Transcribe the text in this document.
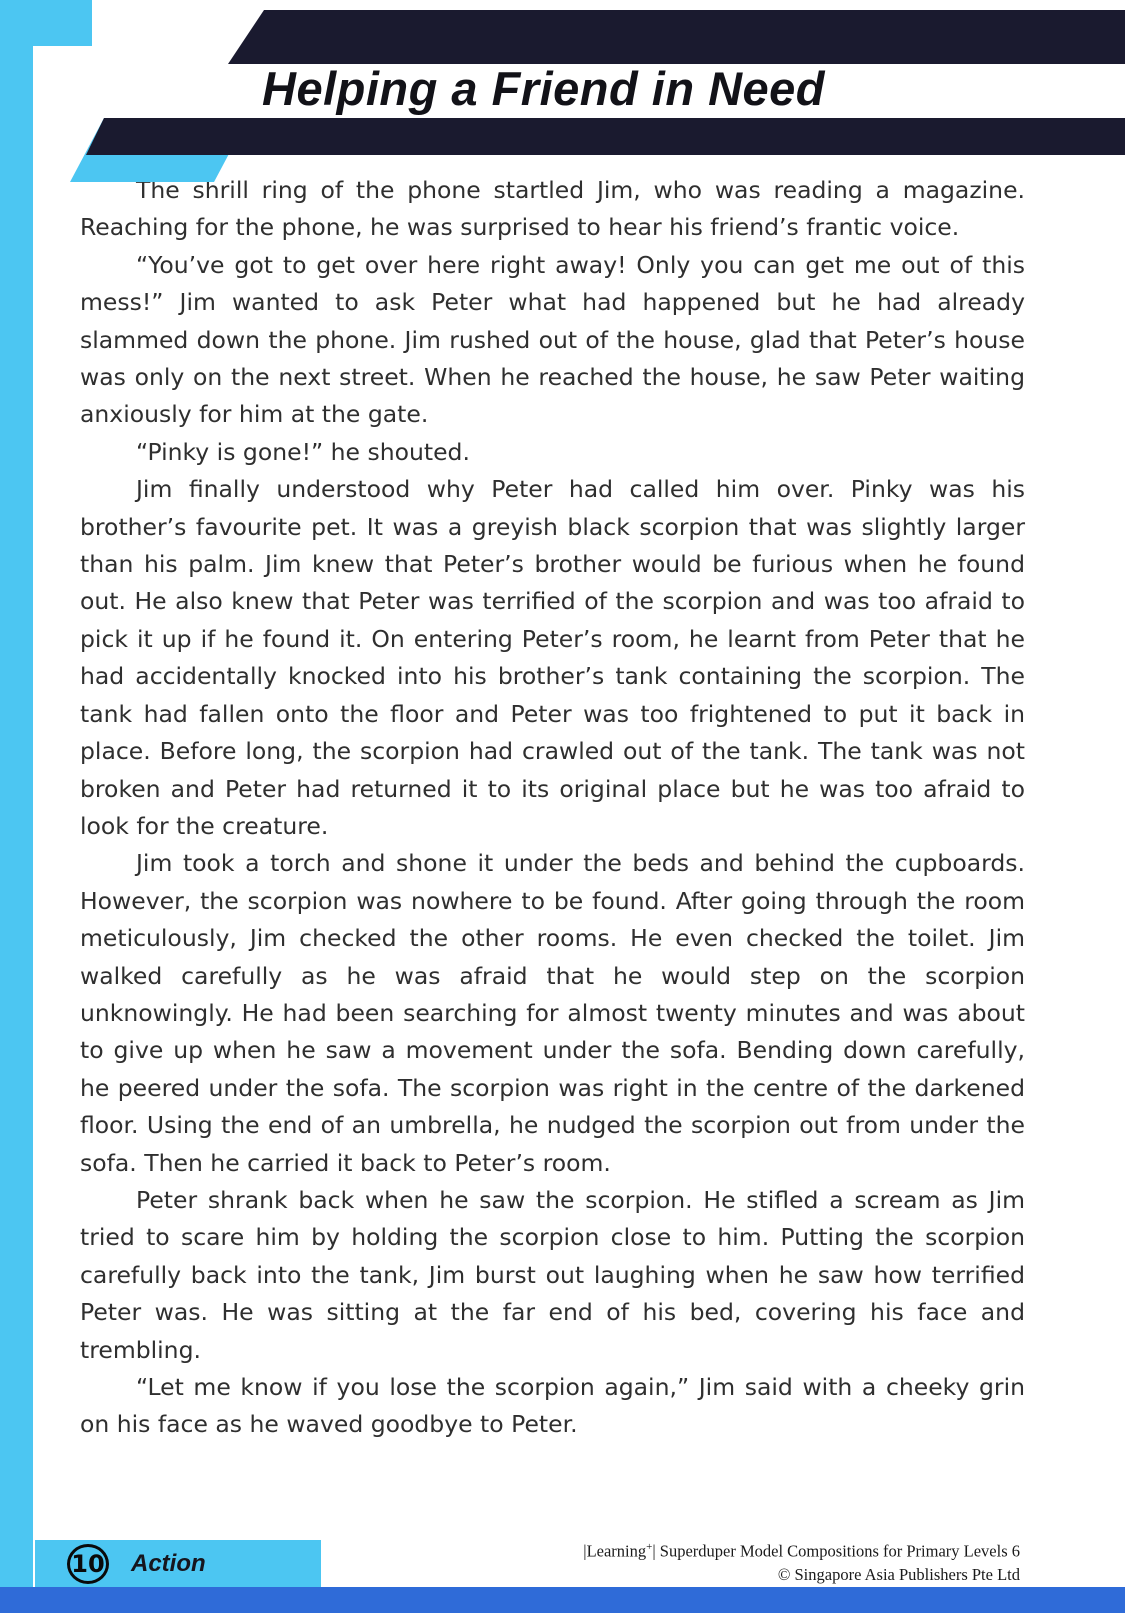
Helping a Friend in Need

The shrill ring of the phone startled Jim, who was reading a magazine. Reaching for the phone, he was surprised to hear his friend’s frantic voice.

“You’ve got to get over here right away! Only you can get me out of this mess!” Jim wanted to ask Peter what had happened but he had already slammed down the phone. Jim rushed out of the house, glad that Peter’s house was only on the next street. When he reached the house, he saw Peter waiting anxiously for him at the gate.

“Pinky is gone!” he shouted.

Jim finally understood why Peter had called him over. Pinky was his brother’s favourite pet. It was a greyish black scorpion that was slightly larger than his palm. Jim knew that Peter’s brother would be furious when he found out. He also knew that Peter was terrified of the scorpion and was too afraid to pick it up if he found it. On entering Peter’s room, he learnt from Peter that he had accidentally knocked into his brother’s tank containing the scorpion. The tank had fallen onto the floor and Peter was too frightened to put it back in place. Before long, the scorpion had crawled out of the tank. The tank was not broken and Peter had returned it to its original place but he was too afraid to look for the creature.

Jim took a torch and shone it under the beds and behind the cupboards. However, the scorpion was nowhere to be found. After going through the room meticulously, Jim checked the other rooms. He even checked the toilet. Jim walked carefully as he was afraid that he would step on the scorpion unknowingly. He had been searching for almost twenty minutes and was about to give up when he saw a movement under the sofa. Bending down carefully, he peered under the sofa. The scorpion was right in the centre of the darkened floor. Using the end of an umbrella, he nudged the scorpion out from under the sofa. Then he carried it back to Peter’s room.

Peter shrank back when he saw the scorpion. He stifled a scream as Jim tried to scare him by holding the scorpion close to him. Putting the scorpion carefully back into the tank, Jim burst out laughing when he saw how terrified Peter was. He was sitting at the far end of his bed, covering his face and trembling.

“Let me know if you lose the scorpion again,” Jim said with a cheeky grin on his face as he waved goodbye to Peter.

10 Action	|Learning+| Superduper Model Compositions for Primary Levels 6
© Singapore Asia Publishers Pte Ltd
